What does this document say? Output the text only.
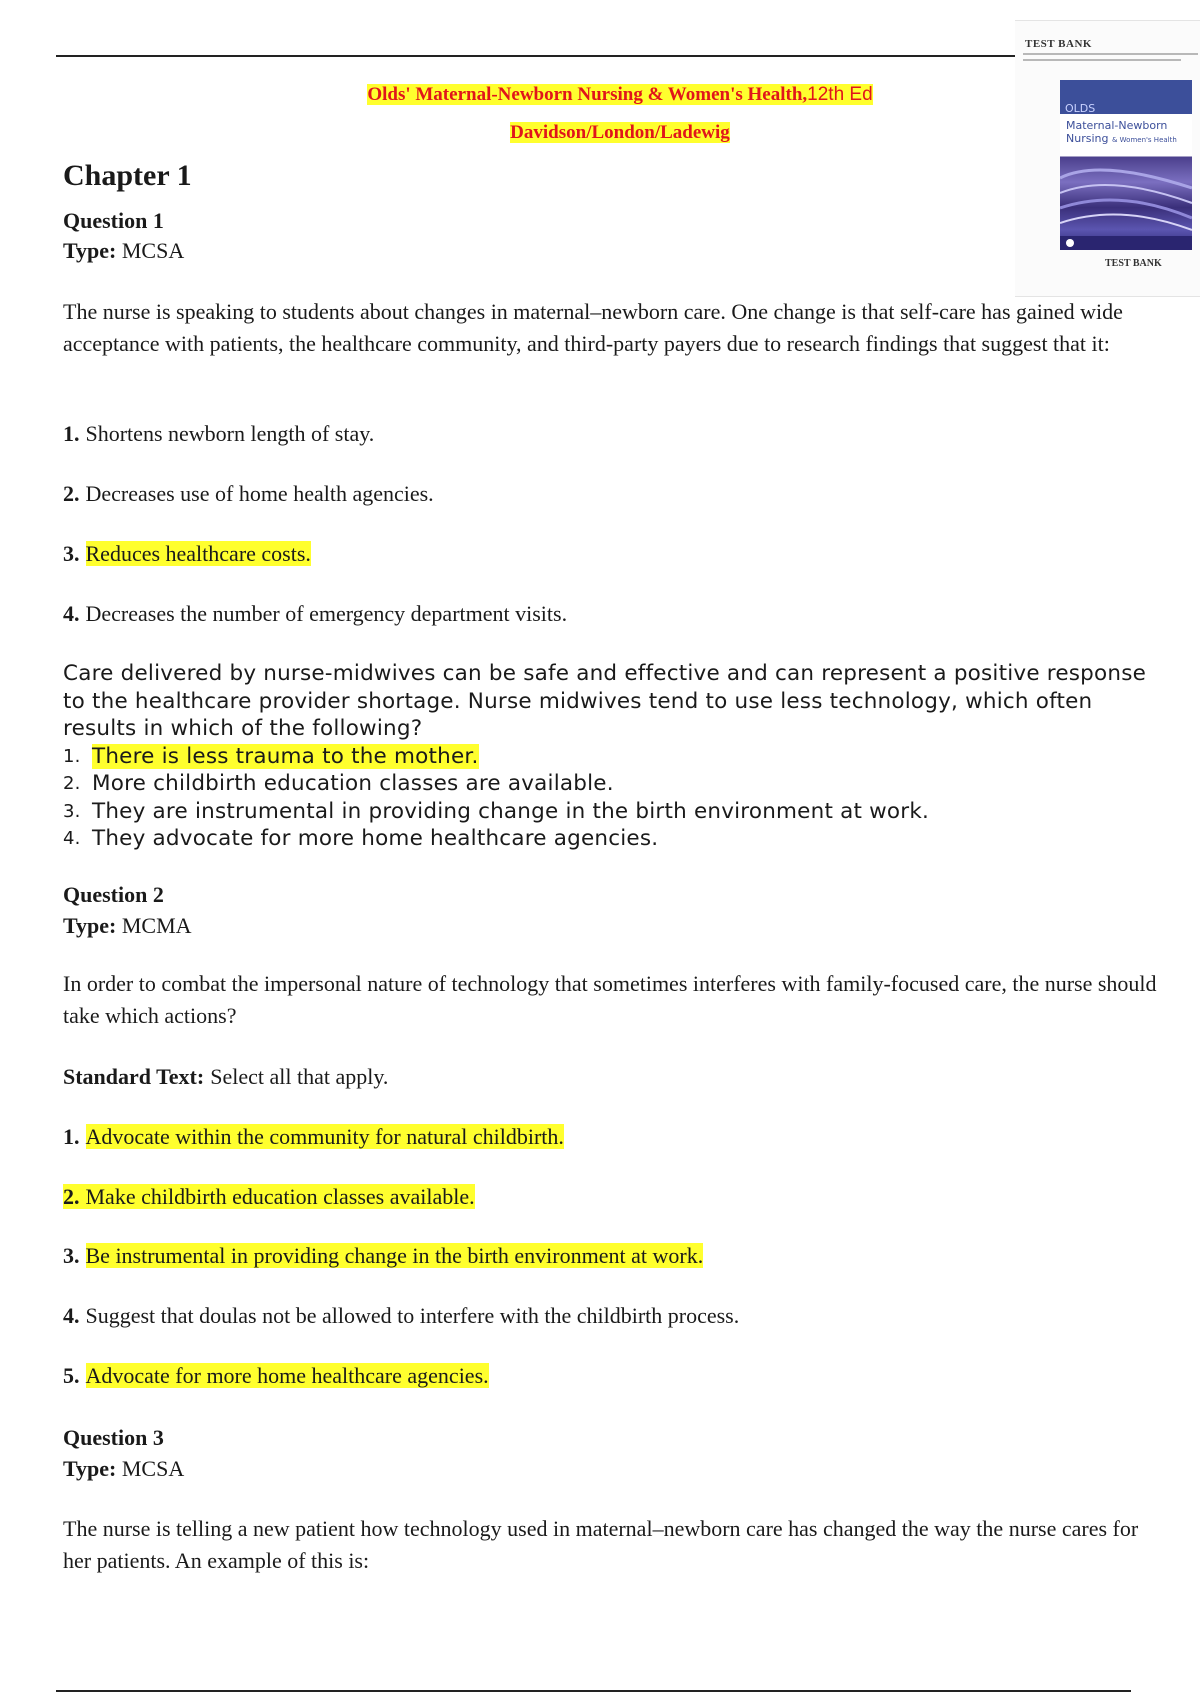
TEST BANK
OLDS
Maternal-Newborn
Nursing & Women's Health
TEST BANK
Olds' Maternal-Newborn Nursing & Women's Health,12th Ed
Davidson/London/Ladewig
Chapter 1
Question 1
Type: MCSA
The nurse is speaking to students about changes in maternal–newborn care. One change is that self-care has gained wide acceptance with patients, the healthcare community, and third-party payers due to research findings that suggest that it:
1. Shortens newborn length of stay.
2. Decreases use of home health agencies.
3. Reduces healthcare costs.
4. Decreases the number of emergency department visits.
Care delivered by nurse-midwives can be safe and effective and can represent a positive response to the healthcare provider shortage. Nurse midwives tend to use less technology, which often results in which of the following?
1. There is less trauma to the mother.
2. More childbirth education classes are available.
3. They are instrumental in providing change in the birth environment at work.
4. They advocate for more home healthcare agencies.
Question 2
Type: MCMA
In order to combat the impersonal nature of technology that sometimes interferes with family-focused care, the nurse should take which actions?
Standard Text: Select all that apply.
1. Advocate within the community for natural childbirth.
2. Make childbirth education classes available.
3. Be instrumental in providing change in the birth environment at work.
4. Suggest that doulas not be allowed to interfere with the childbirth process.
5. Advocate for more home healthcare agencies.
Question 3
Type: MCSA
The nurse is telling a new patient how technology used in maternal–newborn care has changed the way the nurse cares for her patients. An example of this is:
